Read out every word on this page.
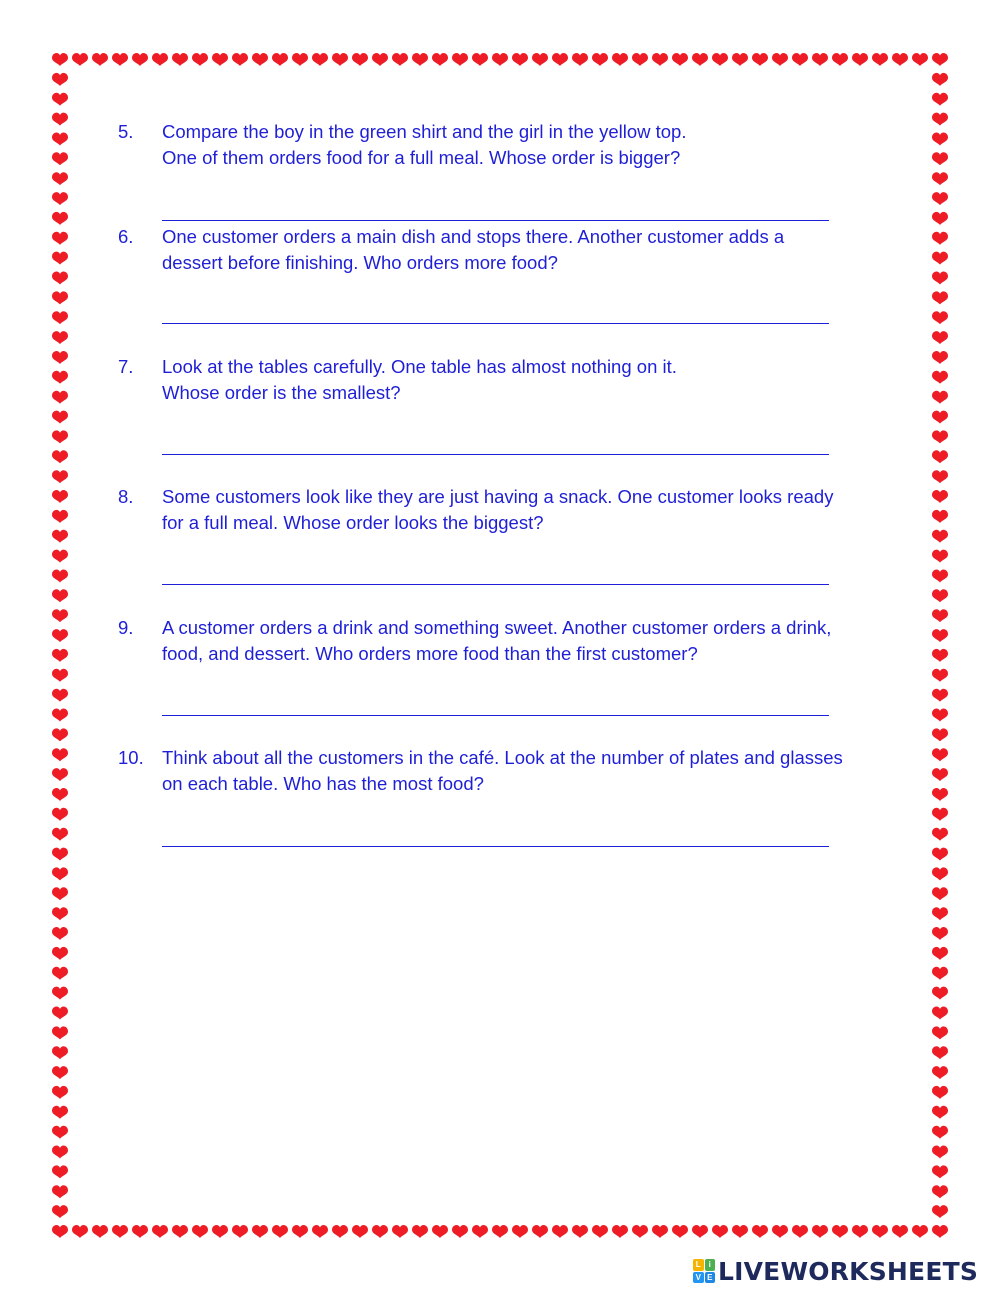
5. Compare the boy in the green shirt and the girl in the yellow top.
One of them orders food for a full meal. Whose order is bigger?
6. One customer orders a main dish and stops there. Another customer adds a
dessert before finishing. Who orders more food?
7. Look at the tables carefully. One table has almost nothing on it.
Whose order is the smallest?
8. Some customers look like they are just having a snack. One customer looks ready
for a full meal. Whose order looks the biggest?
9. A customer orders a drink and something sweet. Another customer orders a drink,
food, and dessert. Who orders more food than the first customer?
10. Think about all the customers in the café. Look at the number of plates and glasses
on each table. Who has the most food?
L i
V E LIVEWORKSHEETS
